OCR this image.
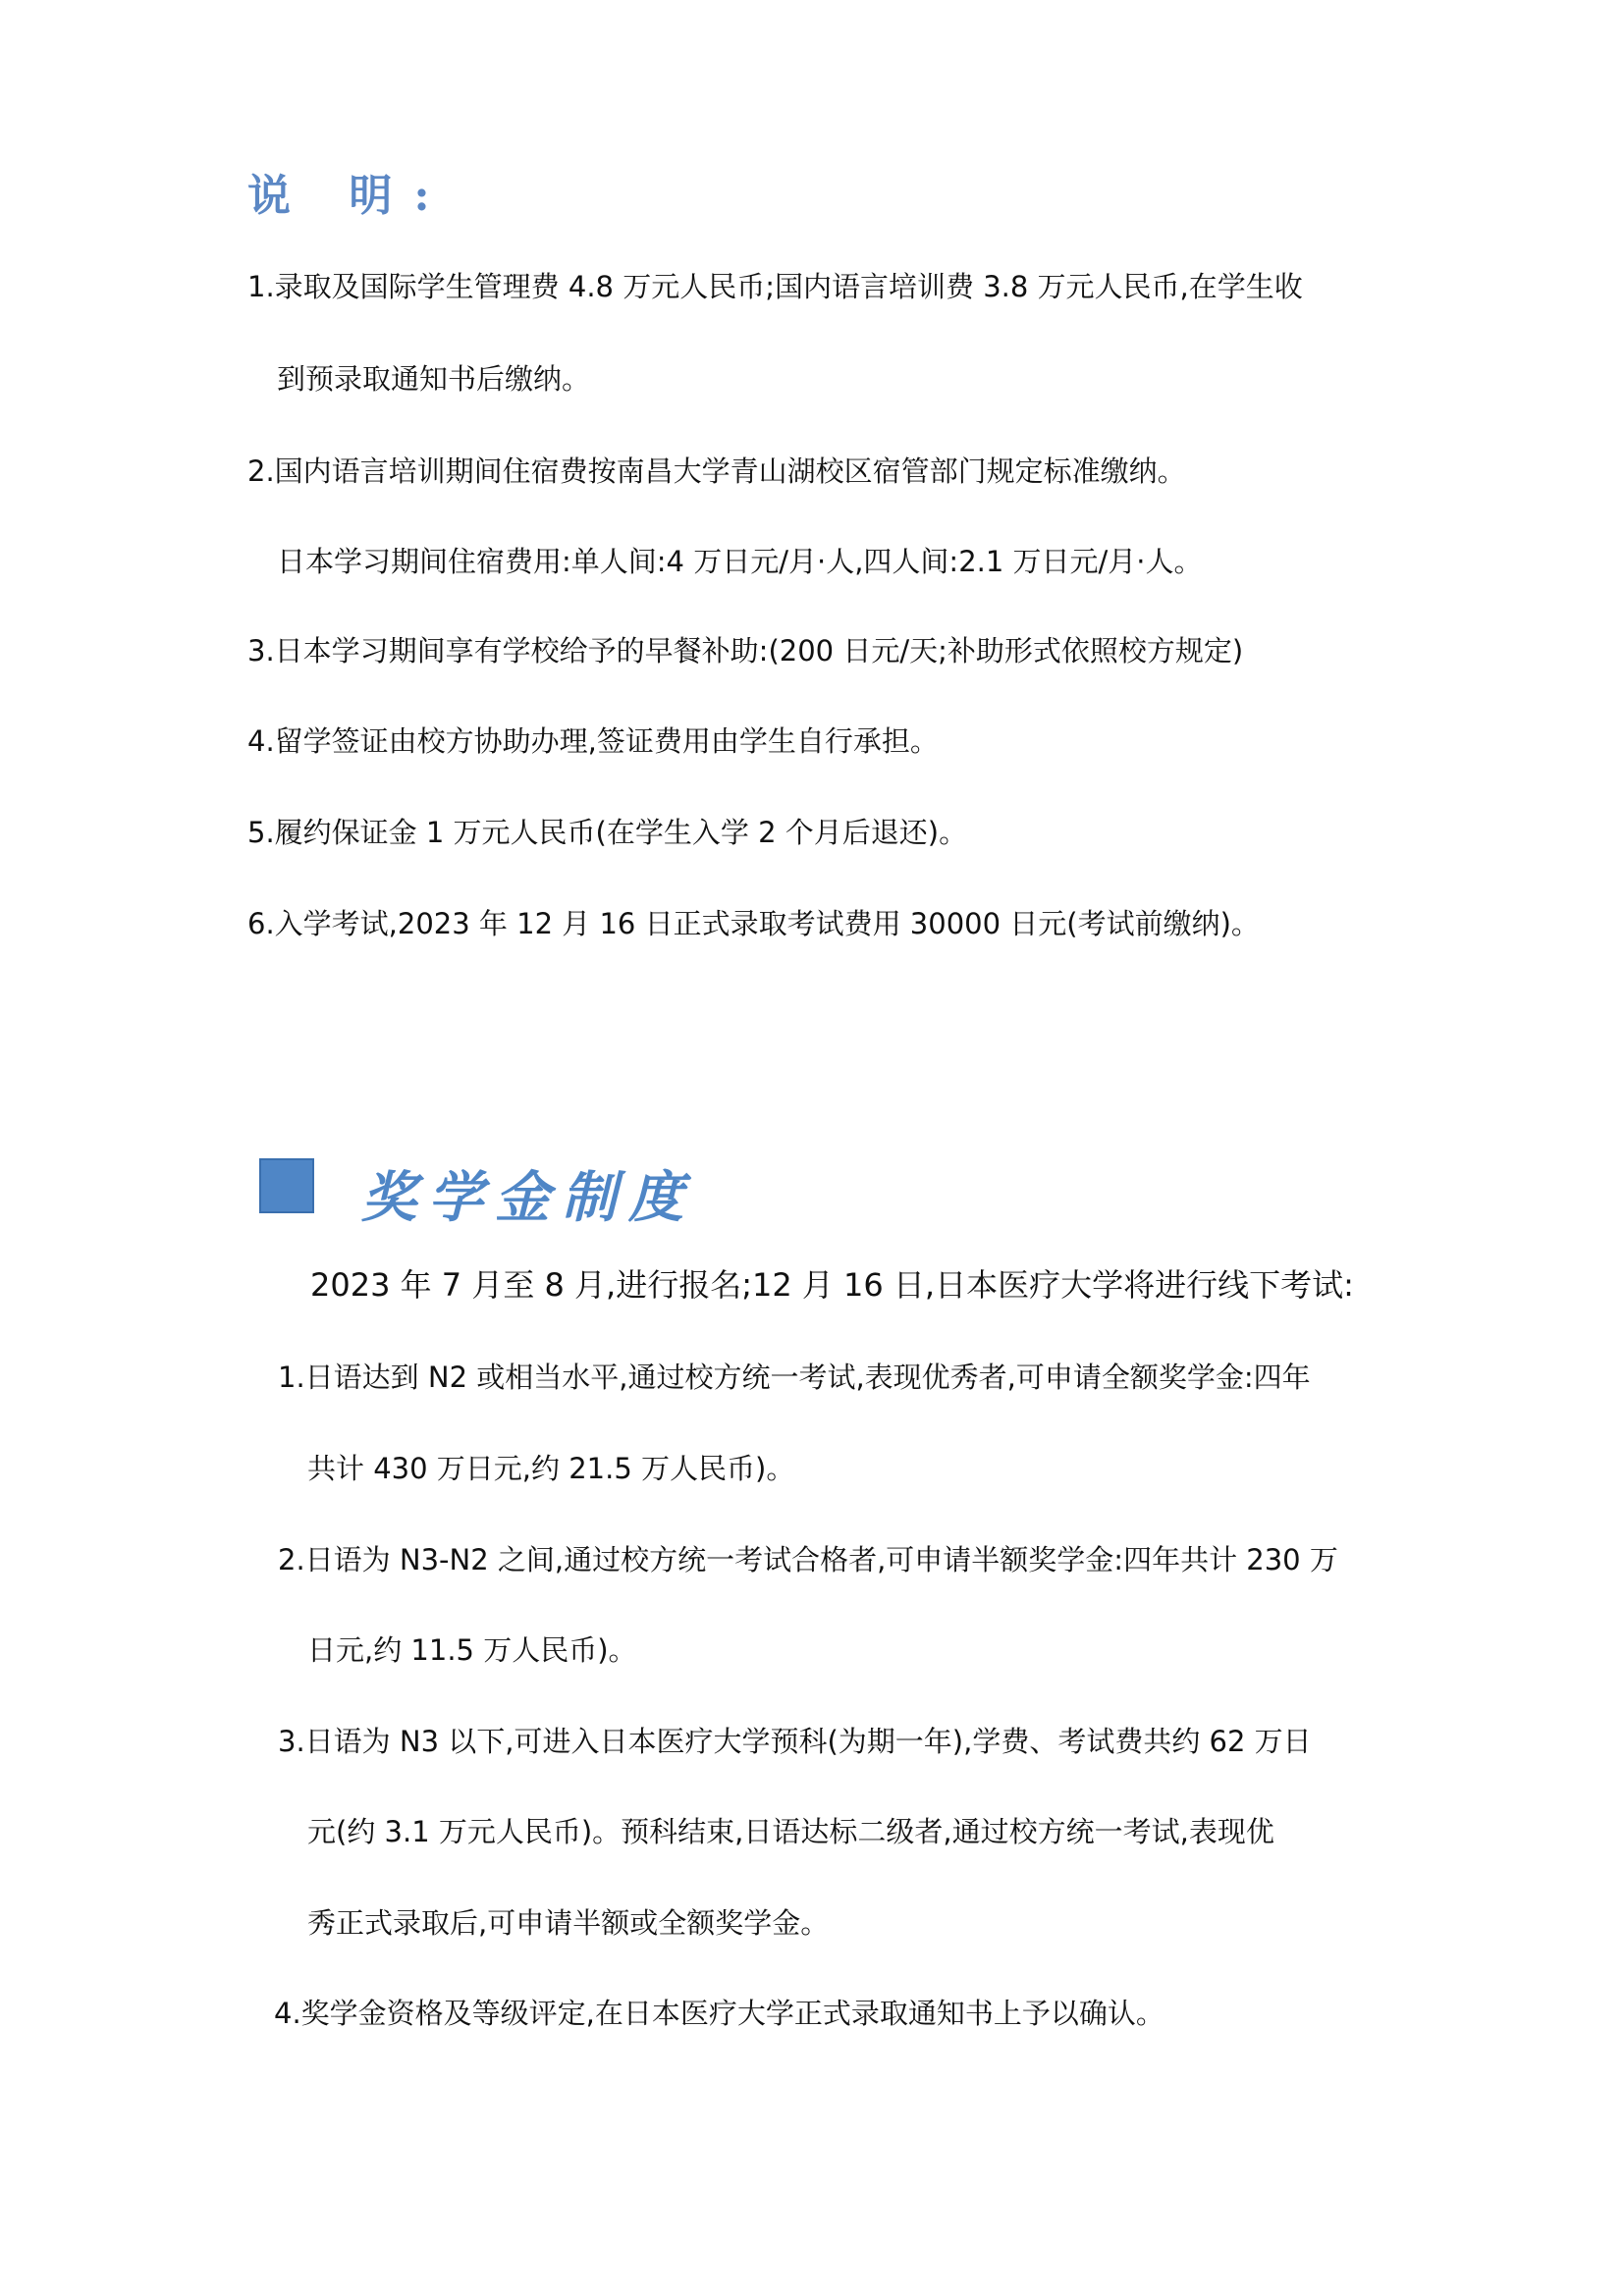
说 明:
1.录取及国际学生管理费 4.8 万元人民币;国内语言培训费 3.8 万元人民币,在学生收
到预录取通知书后缴纳。
2.国内语言培训期间住宿费按南昌大学青山湖校区宿管部门规定标准缴纳。
日本学习期间住宿费用:单人间:4 万日元/月·人,四人间:2.1 万日元/月·人。
3.日本学习期间享有学校给予的早餐补助:(200 日元/天;补助形式依照校方规定)
4.留学签证由校方协助办理,签证费用由学生自行承担。
5.履约保证金 1 万元人民币(在学生入学 2 个月后退还)。
6.入学考试,2023 年 12 月 16 日正式录取考试费用 30000 日元(考试前缴纳)。
奖学金制度
2023 年 7 月至 8 月,进行报名;12 月 16 日,日本医疗大学将进行线下考试:
1.日语达到 N2 或相当水平,通过校方统一考试,表现优秀者,可申请全额奖学金:四年
共计 430 万日元,约 21.5 万人民币)。
2.日语为 N3-N2 之间,通过校方统一考试合格者,可申请半额奖学金:四年共计 230 万
日元,约 11.5 万人民币)。
3.日语为 N3 以下,可进入日本医疗大学预科(为期一年),学费、考试费共约 62 万日
元(约 3.1 万元人民币)。预科结束,日语达标二级者,通过校方统一考试,表现优
秀正式录取后,可申请半额或全额奖学金。
4.奖学金资格及等级评定,在日本医疗大学正式录取通知书上予以确认。
